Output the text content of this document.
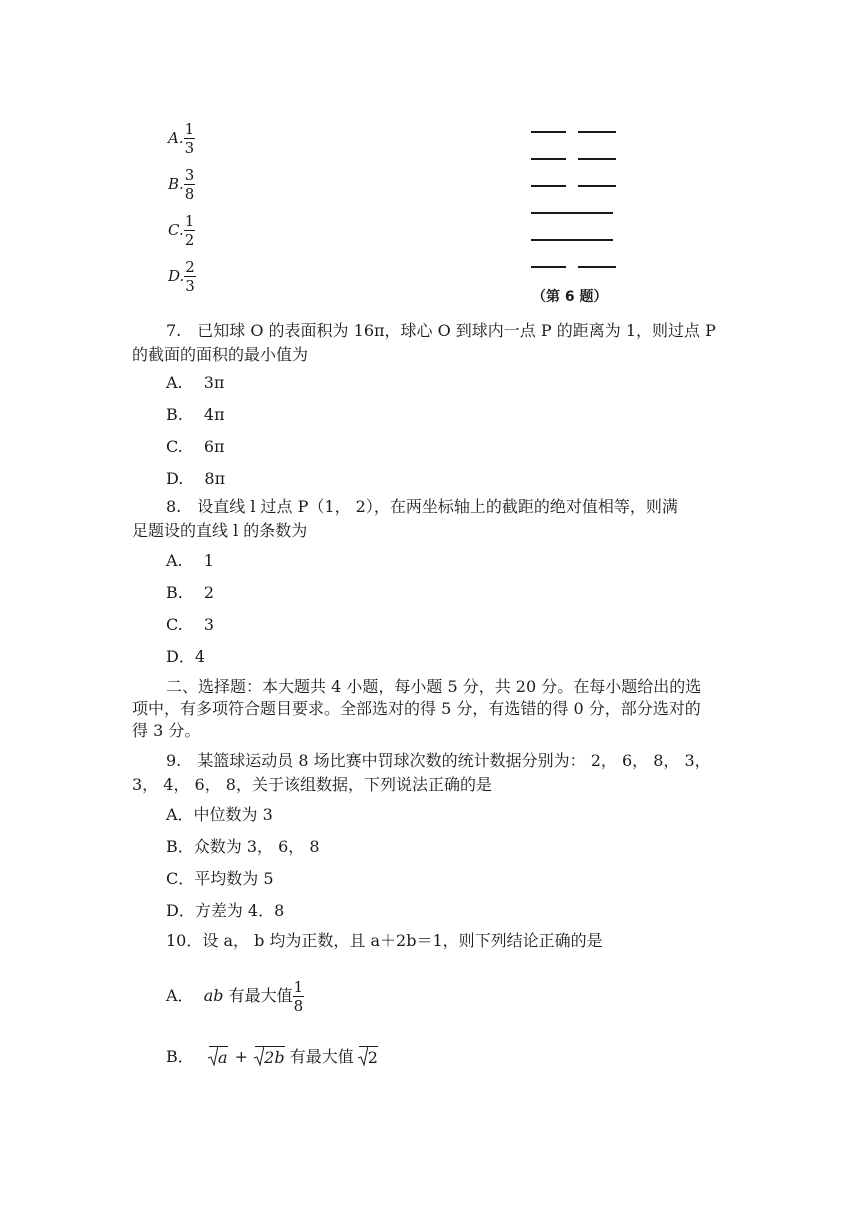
A. $\frac{1}{3}$
B. $\frac{3}{8}$
C. $\frac{1}{2}$
D. $\frac{2}{3}$
（第 6 题）
7.　已知球 O 的表面积为 16π，球心 O 到球内一点 P 的距离为 1，则过点 P
的截面的面积的最小值为
A.　 3π
B.　 4π
C.　 6π
D.　 8π
8.　设直线 l 过点 P（1， 2），在两坐标轴上的截距的绝对值相等，则满
足题设的直线 l 的条数为
A.　 1
B.　 2
C.　 3
D．4
二、选择题：本大题共 4 小题，每小题 5 分，共 20 分。在每小题给出的选
项中，有多项符合题目要求。全部选对的得 5 分，有选错的得 0 分，部分选对的
得 3 分。
9.　某篮球运动员 8 场比赛中罚球次数的统计数据分别为： 2， 6， 8， 3，
3， 4， 6， 8，关于该组数据，下列说法正确的是
A．中位数为 3
B．众数为 3， 6， 8
C．平均数为 5
D．方差为 4．8
10．设 a， b 均为正数，且 a＋2b＝1，则下列结论正确的是
A． ab 有最大值 $\frac{1}{8}$
B． a + 2b 有最大值 2
